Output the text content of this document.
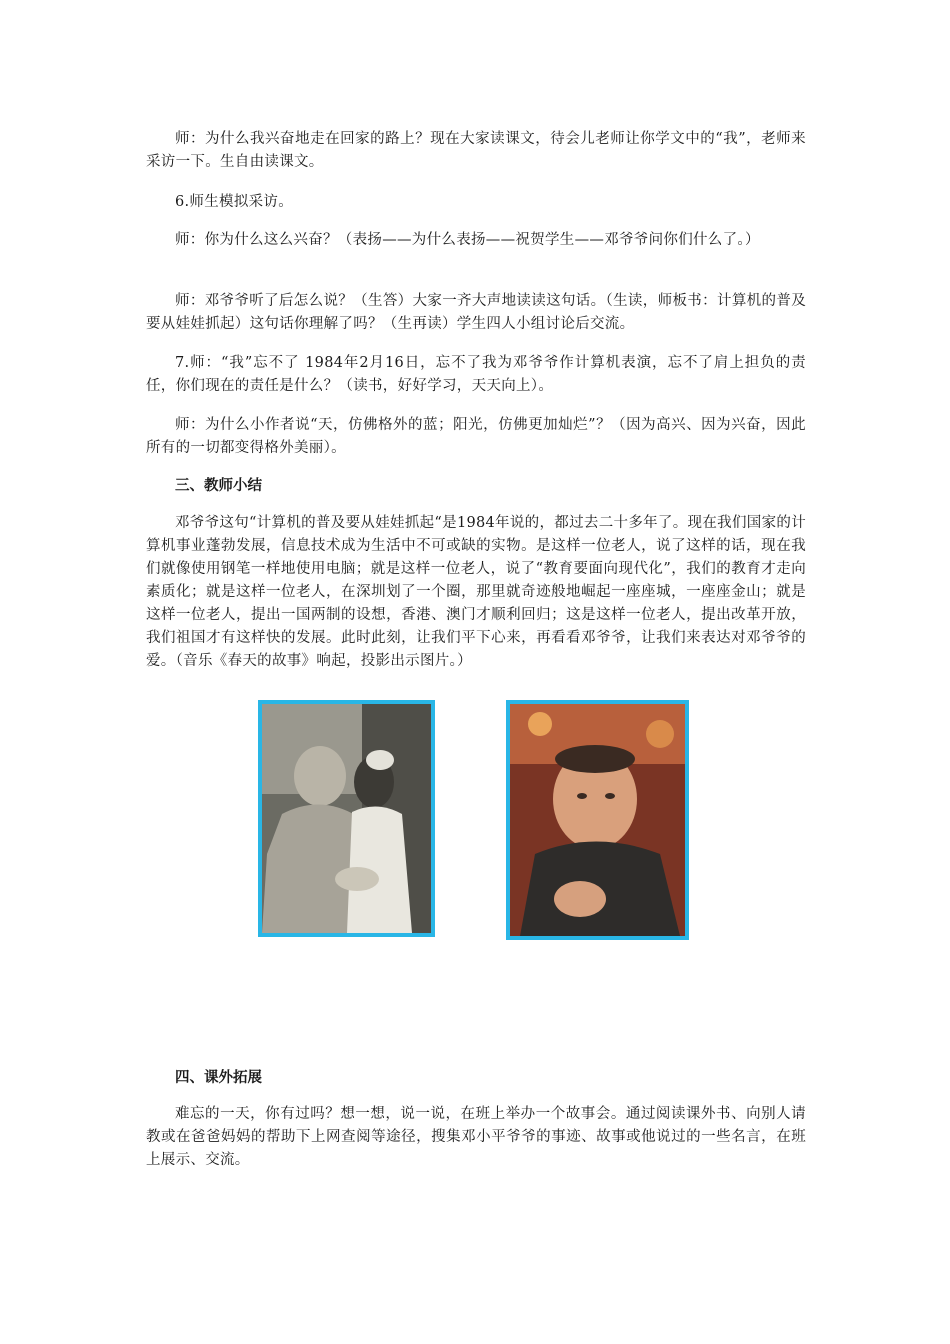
师：为什么我兴奋地走在回家的路上？现在大家读课文，待会儿老师让你学文中的“我”，老师来采访一下。生自由读课文。

6.师生模拟采访。

师：你为什么这么兴奋？（表扬——为什么表扬——祝贺学生——邓爷爷问你们什么了。）

师：邓爷爷听了后怎么说？（生答）大家一齐大声地读读这句话。（生读，师板书：计算机的普及要从娃娃抓起）这句话你理解了吗？（生再读）学生四人小组讨论后交流。

7.师：“我”忘不了 1984年2月16日，忘不了我为邓爷爷作计算机表演，忘不了肩上担负的责任，你们现在的责任是什么？（读书，好好学习，天天向上）。

师：为什么小作者说“天，仿佛格外的蓝；阳光，仿佛更加灿烂”？（因为高兴、因为兴奋，因此所有的一切都变得格外美丽）。

三、教师小结

邓爷爷这句“计算机的普及要从娃娃抓起“是1984年说的，都过去二十多年了。现在我们国家的计算机事业蓬勃发展，信息技术成为生活中不可或缺的实物。是这样一位老人，说了这样的话，现在我们就像使用钢笔一样地使用电脑；就是这样一位老人，说了“教育要面向现代化”，我们的教育才走向素质化；就是这样一位老人，在深圳划了一个圈，那里就奇迹般地崛起一座座城，一座座金山；就是这样一位老人，提出一国两制的设想，香港、澳门才顺利回归；这是这样一位老人，提出改革开放，我们祖国才有这样快的发展。此时此刻，让我们平下心来，再看看邓爷爷，让我们来表达对邓爷爷的爱。（音乐《春天的故事》响起，投影出示图片。）

四、课外拓展

难忘的一天，你有过吗？想一想，说一说，在班上举办一个故事会。通过阅读课外书、向别人请教或在爸爸妈妈的帮助下上网查阅等途径，搜集邓小平爷爷的事迹、故事或他说过的一些名言，在班上展示、交流。
